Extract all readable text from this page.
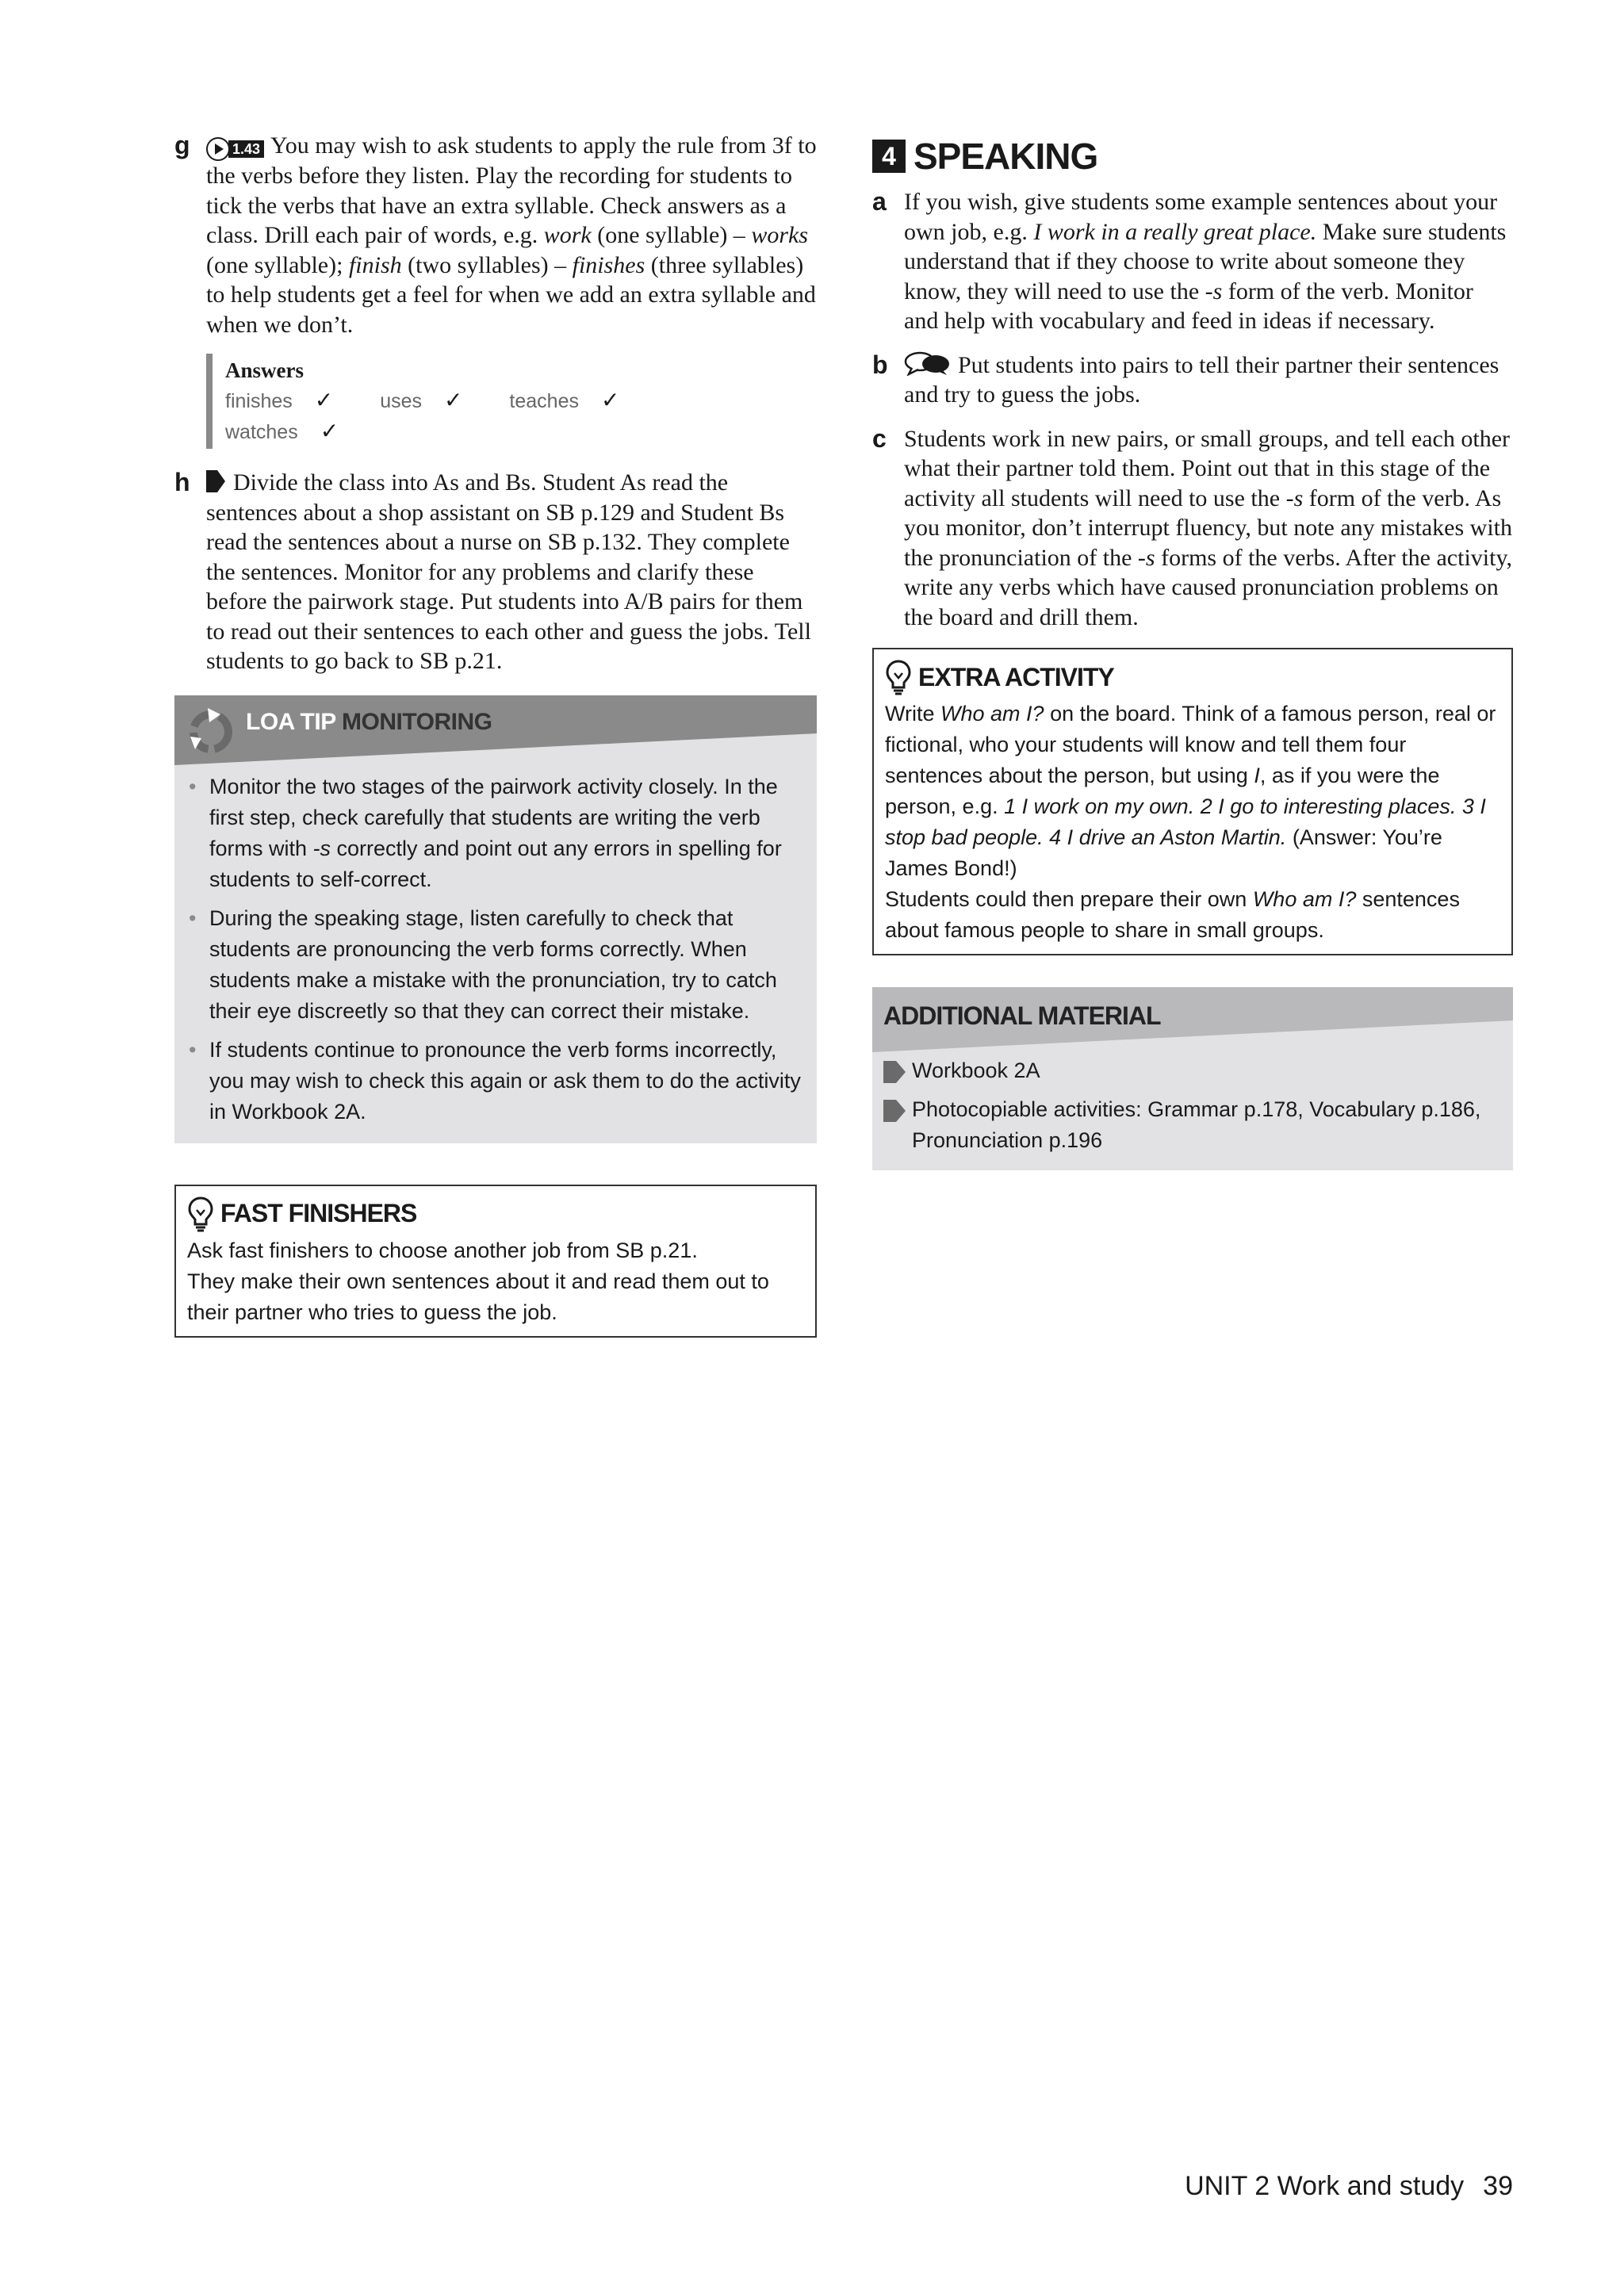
g	1.43 You may wish to ask students to apply the rule from 3f to the verbs before they listen. Play the recording for students to tick the verbs that have an extra syllable. Check answers as a class. Drill each pair of words, e.g. work (one syllable) – works (one syllable); finish (two syllables) – finishes (three syllables) to help students get a feel for when we add an extra syllable and when we don’t.
Answers
finishes ✓ uses ✓ teaches ✓ watches ✓
h Divide the class into As and Bs. Student As read the sentences about a shop assistant on SB p.129 and Student Bs read the sentences about a nurse on SB p.132. They complete the sentences. Monitor for any problems and clarify these before the pairwork stage. Put students into A/B pairs for them to read out their sentences to each other and guess the jobs. Tell students to go back to SB p.21.
LOA TIP MONITORING
• Monitor the two stages of the pairwork activity closely. In the first step, check carefully that students are writing the verb forms with -s correctly and point out any errors in spelling for students to self-correct.
• During the speaking stage, listen carefully to check that students are pronouncing the verb forms correctly. When students make a mistake with the pronunciation, try to catch their eye discreetly so that they can correct their mistake.
• If students continue to pronounce the verb forms incorrectly, you may wish to check this again or ask them to do the activity in Workbook 2A.
FAST FINISHERS
Ask fast finishers to choose another job from SB p.21.
They make their own sentences about it and read them out to their partner who tries to guess the job.
4 SPEAKING
a If you wish, give students some example sentences about your own job, e.g. I work in a really great place. Make sure students understand that if they choose to write about someone they know, they will need to use the -s form of the verb. Monitor and help with vocabulary and feed in ideas if necessary.
b	Put students into pairs to tell their partner their sentences and try to guess the jobs.
c Students work in new pairs, or small groups, and tell each other what their partner told them. Point out that in this stage of the activity all students will need to use the -s form of the verb. As you monitor, don’t interrupt fluency, but note any mistakes with the pronunciation of the -s forms of the verbs. After the activity, write any verbs which have caused pronunciation problems on the board and drill them.
EXTRA ACTIVITY
Write Who am I? on the board. Think of a famous person, real or fictional, who your students will know and tell them four sentences about the person, but using I, as if you were the person, e.g. 1 I work on my own. 2 I go to interesting places. 3 I stop bad people. 4 I drive an Aston Martin. (Answer: You’re James Bond!)
Students could then prepare their own Who am I? sentences about famous people to share in small groups.
ADDITIONAL MATERIAL
Workbook 2A
Photocopiable activities: Grammar p.178, Vocabulary p.186, Pronunciation p.196
UNIT 2 Work and study 39
